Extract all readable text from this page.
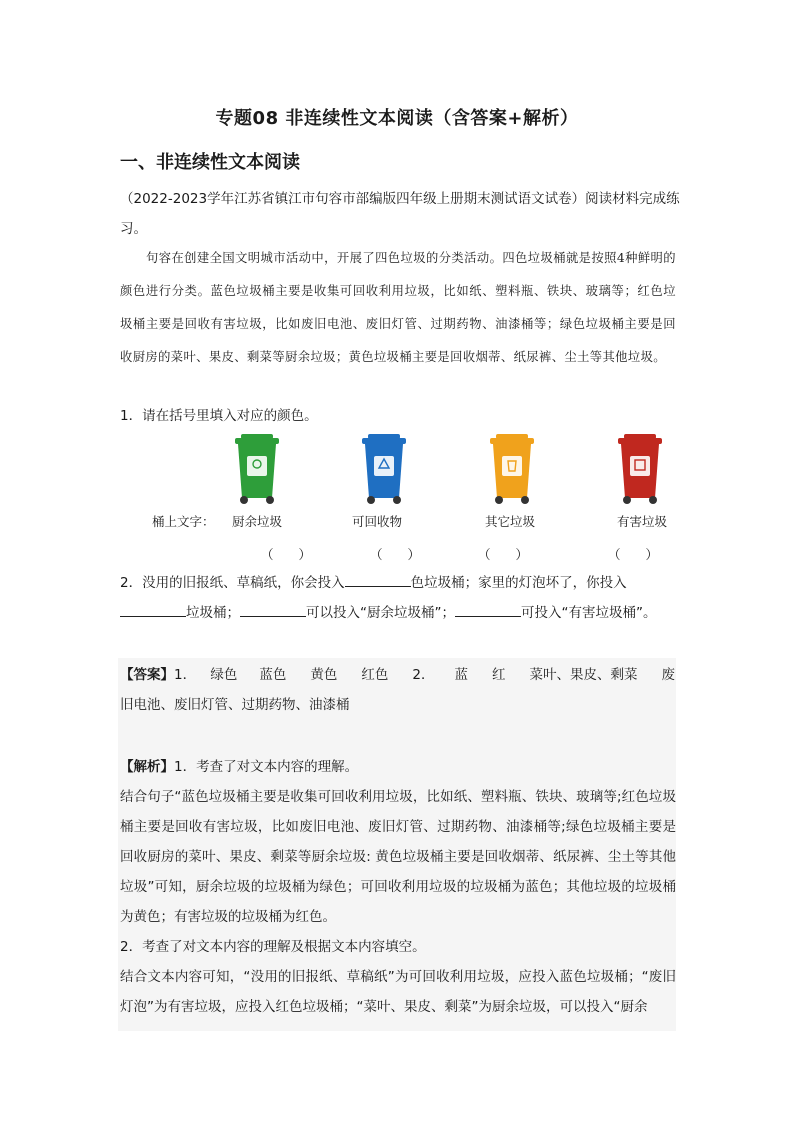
专题08 非连续性文本阅读（含答案+解析）
一、非连续性文本阅读
（2022-2023学年江苏省镇江市句容市部编版四年级上册期末测试语文试卷）阅读材料完成练习。
句容在创建全国文明城市活动中，开展了四色垃圾的分类活动。四色垃圾桶就是按照4种鲜明的颜色进行分类。蓝色垃圾桶主要是收集可回收利用垃圾，比如纸、塑料瓶、铁块、玻璃等；红色垃圾桶主要是回收有害垃圾，比如废旧电池、废旧灯管、过期药物、油漆桶等；绿色垃圾桶主要是回收厨房的菜叶、果皮、剩菜等厨余垃圾；黄色垃圾桶主要是回收烟蒂、纸尿裤、尘土等其他垃圾。
1．请在括号里填入对应的颜色。
桶上文字：	厨余垃圾	可回收物	其它垃圾	有害垃圾
（      ）	（      ）	（      ）	（      ）
2．没用的旧报纸、草稿纸，你会投入	色垃圾桶；家里的灯泡坏了，你投入
垃圾桶；	可以投入“厨余垃圾桶”；	可投入“有害垃圾桶”。
【答案】1． 绿色 蓝色 黄色 红色 2． 蓝 红 菜叶、果皮、剩菜 废
旧电池、废旧灯管、过期药物、油漆桶

【解析】1．考查了对文本内容的理解。

结合句子“蓝色垃圾桶主要是收集可回收利用垃圾，比如纸、塑料瓶、铁块、玻璃等;红色垃圾桶主要是回收有害垃圾，比如废旧电池、废旧灯管、过期药物、油漆桶等;绿色垃圾桶主要是回收厨房的菜叶、果皮、剩菜等厨余垃圾: 黄色垃圾桶主要是回收烟蒂、纸尿裤、尘土等其他垃圾”可知，厨余垃圾的垃圾桶为绿色；可回收利用垃圾的垃圾桶为蓝色；其他垃圾的垃圾桶为黄色；有害垃圾的垃圾桶为红色。

2．考查了对文本内容的理解及根据文本内容填空。

结合文本内容可知，“没用的旧报纸、草稿纸”为可回收利用垃圾，应投入蓝色垃圾桶；“废旧灯泡”为有害垃圾，应投入红色垃圾桶；“菜叶、果皮、剩菜”为厨余垃圾，可以投入“厨余
